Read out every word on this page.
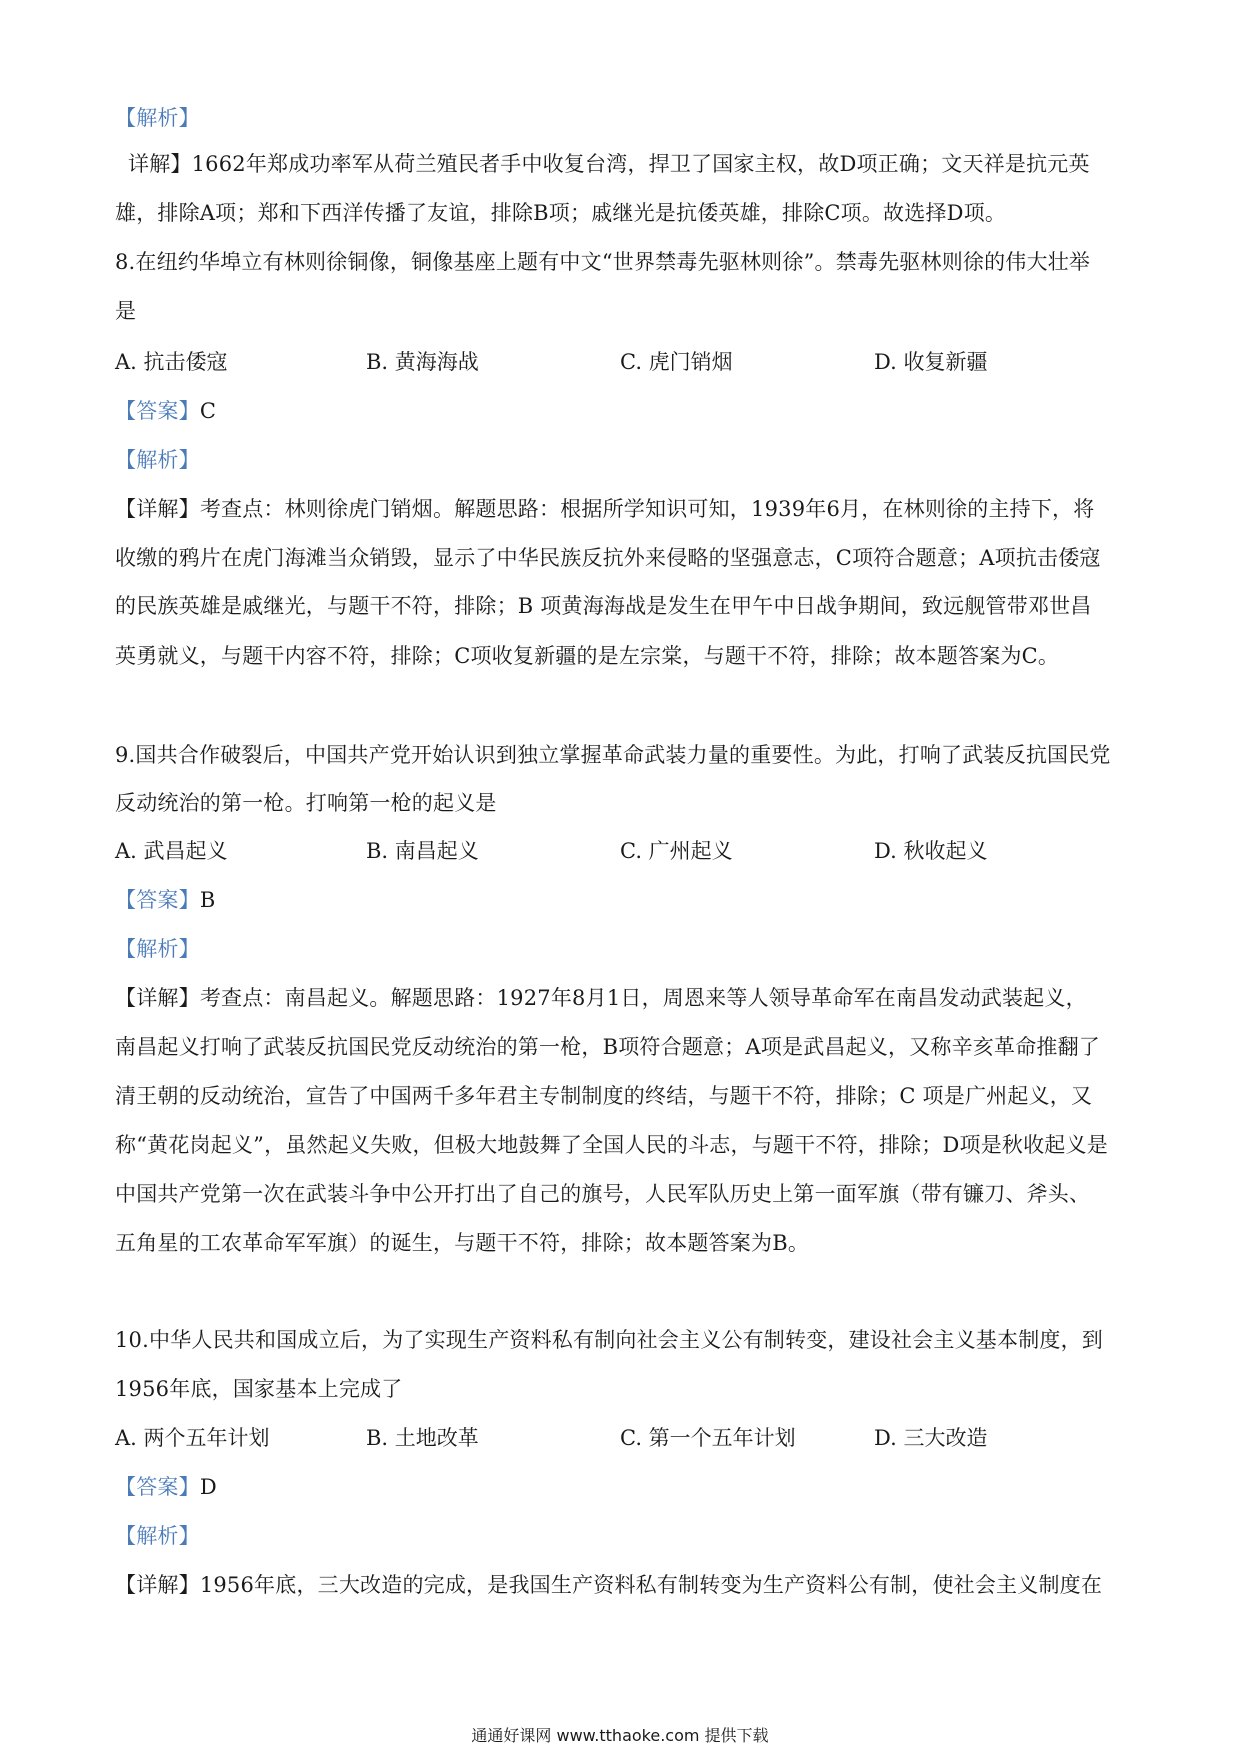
【解析】
详解】1662年郑成功率军从荷兰殖民者手中收复台湾，捍卫了国家主权，故D项正确；文天祥是抗元英
雄，排除A项；郑和下西洋传播了友谊，排除B项；戚继光是抗倭英雄，排除C项。故选择D项。
8.在纽约华埠立有林则徐铜像，铜像基座上题有中文“世界禁毒先驱林则徐”。禁毒先驱林则徐的伟大壮举
是
A. 抗击倭寇	B. 黄海海战	C. 虎门销烟	D. 收复新疆
【答案】C
【解析】
【详解】考查点：林则徐虎门销烟。解题思路：根据所学知识可知，1939年6月，在林则徐的主持下，将
收缴的鸦片在虎门海滩当众销毁，显示了中华民族反抗外来侵略的坚强意志，C项符合题意；A项抗击倭寇
的民族英雄是戚继光，与题干不符，排除；B 项黄海海战是发生在甲午中日战争期间，致远舰管带邓世昌
英勇就义，与题干内容不符，排除；C项收复新疆的是左宗棠，与题干不符，排除；故本题答案为C。
9.国共合作破裂后，中国共产党开始认识到独立掌握革命武装力量的重要性。为此，打响了武装反抗国民党
反动统治的第一枪。打响第一枪的起义是
A. 武昌起义	B. 南昌起义	C. 广州起义	D. 秋收起义
【答案】B
【解析】
【详解】考查点：南昌起义。解题思路：1927年8月1日，周恩来等人领导革命军在南昌发动武装起义，
南昌起义打响了武装反抗国民党反动统治的第一枪，B项符合题意；A项是武昌起义，又称辛亥革命推翻了
清王朝的反动统治，宣告了中国两千多年君主专制制度的终结，与题干不符，排除；C 项是广州起义，又
称“黄花岗起义”，虽然起义失败，但极大地鼓舞了全国人民的斗志，与题干不符，排除；D项是秋收起义是
中国共产党第一次在武装斗争中公开打出了自己的旗号，人民军队历史上第一面军旗（带有镰刀、斧头、
五角星的工农革命军军旗）的诞生，与题干不符，排除；故本题答案为B。
10.中华人民共和国成立后，为了实现生产资料私有制向社会主义公有制转变，建设社会主义基本制度，到
1956年底，国家基本上完成了
A. 两个五年计划	B. 土地改革	C. 第一个五年计划	D. 三大改造
【答案】D
【解析】
【详解】1956年底，三大改造的完成，是我国生产资料私有制转变为生产资料公有制，使社会主义制度在
通通好课网 www.tthaoke.com 提供下载
